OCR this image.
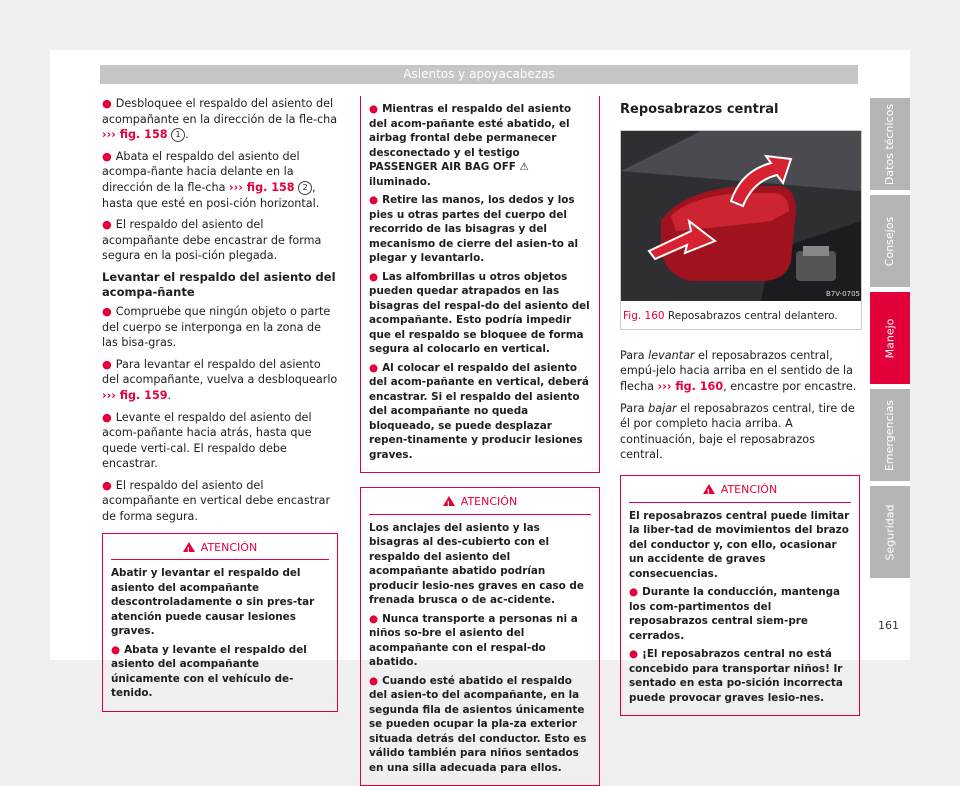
Asientos y apoyacabezas

● Desbloquee el respaldo del asiento del acompañante en la dirección de la fle-cha ››› fig. 158 1 .

● Abata el respaldo del asiento del acompa-ñante hacia delante en la dirección de la fle-cha ››› fig. 158 2 , hasta que esté en posi-ción horizontal.

● El respaldo del asiento del acompañante debe encastrar de forma segura en la posi-ción plegada.

Levantar el respaldo del asiento del acompa-ñante

● Compruebe que ningún objeto o parte del cuerpo se interponga en la zona de las bisa-gras.

● Para levantar el respaldo del asiento del acompañante, vuelva a desbloquearlo ››› fig. 159.

● Levante el respaldo del asiento del acom-pañante hacia atrás, hasta que quede verti-cal. El respaldo debe encastrar.

● El respaldo del asiento del acompañante en vertical debe encastrar de forma segura.

!ATENCIÓN

Abatir y levantar el respaldo del asiento del acompañante descontroladamente o sin pres-tar atención puede causar lesiones graves.

● Abata y levante el respaldo del asiento del acompañante únicamente con el vehículo de-tenido.

● Mientras el respaldo del asiento del acom-pañante esté abatido, el airbag frontal debe permanecer desconectado y el testigo PASSENGER AIR BAG OFF ⚠ iluminado.

● Retire las manos, los dedos y los pies u otras partes del cuerpo del recorrido de las bisagras y del mecanismo de cierre del asien-to al plegar y levantarlo.

● Las alfombrillas u otros objetos pueden quedar atrapados en las bisagras del respal-do del asiento del acompañante. Esto podría impedir que el respaldo se bloquee de forma segura al colocarlo en vertical.

● Al colocar el respaldo del asiento del acom-pañante en vertical, deberá encastrar. Si el respaldo del asiento del acompañante no queda bloqueado, se puede desplazar repen-tinamente y producir lesiones graves.

!ATENCIÓN

Los anclajes del asiento y las bisagras al des-cubierto con el respaldo del asiento del acompañante abatido podrían producir lesio-nes graves en caso de frenada brusca o de ac-cidente.

● Nunca transporte a personas ni a niños so-bre el asiento del acompañante con el respal-do abatido.

● Cuando esté abatido el respaldo del asien-to del acompañante, en la segunda fila de asientos únicamente se pueden ocupar la pla-za exterior situada detrás del conductor. Esto es válido también para niños sentados en una silla adecuada para ellos.

Reposabrazos central
B7V-0705
Fig. 160 Reposabrazos central delantero.

Para levantar el reposabrazos central, empú-jelo hacia arriba en el sentido de la flecha ››› fig. 160, encastre por encastre.

Para bajar el reposabrazos central, tire de él por completo hacia arriba. A continuación, baje el reposabrazos central.

!ATENCIÓN

El reposabrazos central puede limitar la liber-tad de movimientos del brazo del conductor y, con ello, ocasionar un accidente de graves consecuencias.

● Durante la conducción, mantenga los com-partimentos del reposabrazos central siem-pre cerrados.

● ¡El reposabrazos central no está concebido para transportar niños! Ir sentado en esta po-sición incorrecta puede provocar graves lesio-nes.

Datos técnicos
Consejos
Manejo
Emergencias
Seguridad
161
